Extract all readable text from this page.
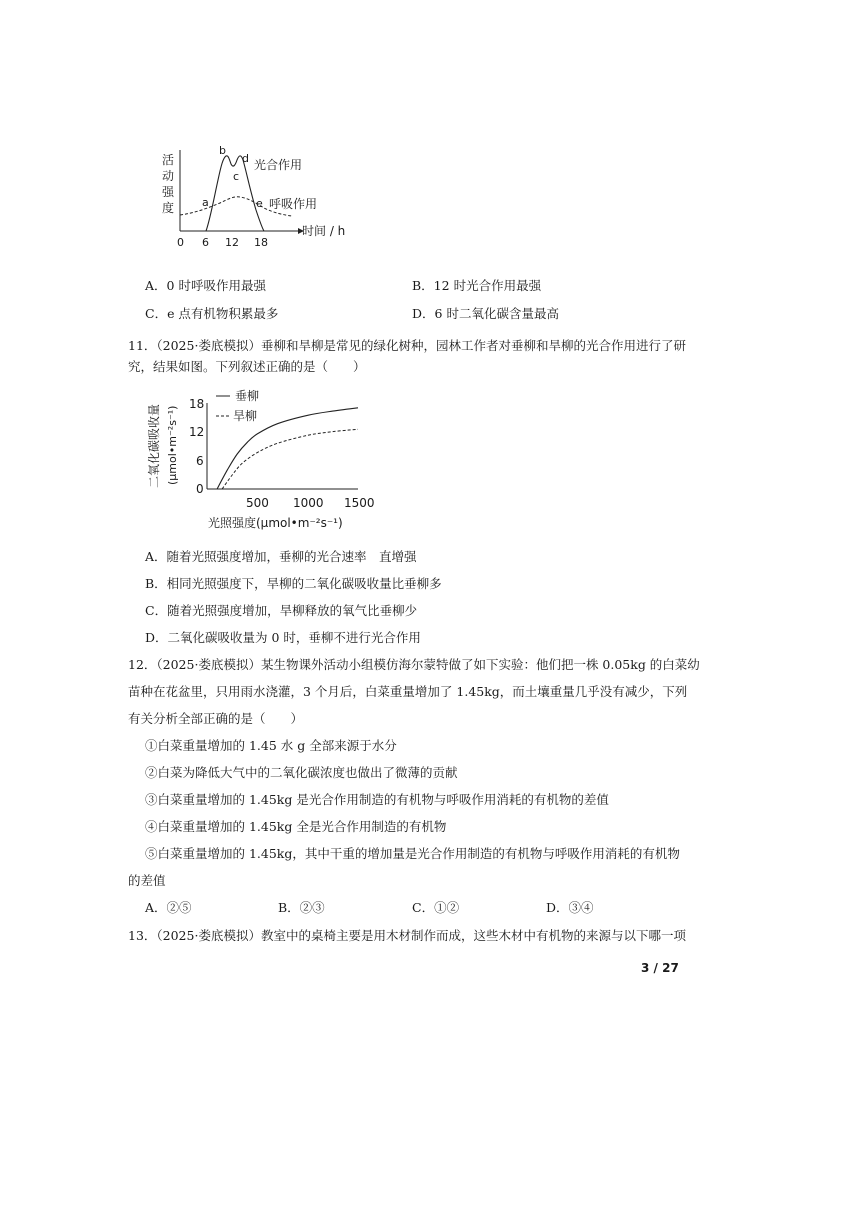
活
动
强
度	a
b
c
d
e
光合作用
呼吸作用
0 6 12 18
时间 / h
A．0 时呼吸作用最强	B．12 时光合作用最强
C．e 点有机物积累最多	D．6 时二氧化碳含量最高
11．（2025·娄底模拟）垂柳和旱柳是常见的绿化树种，园林工作者对垂柳和旱柳的光合作用进行了研
究，结果如图。下列叙述正确的是（　　）
二氧化碳吸收量 (μmol•m⁻²s⁻¹)
0
6
12
18
500 1000 1500
垂柳
旱柳
光照强度(μmol•m⁻²s⁻¹)
A．随着光照强度增加，垂柳的光合速率　直增强
B．相同光照强度下，旱柳的二氧化碳吸收量比垂柳多
C．随着光照强度增加，旱柳释放的氧气比垂柳少
D．二氧化碳吸收量为 0 时，垂柳不进行光合作用
12．（2025·娄底模拟）某生物课外活动小组模仿海尔蒙特做了如下实验：他们把一株 0.05kg 的白菜幼
苗种在花盆里，只用雨水浇灌，3 个月后，白菜重量增加了 1.45kg，而土壤重量几乎没有减少，下列
有关分析全部正确的是（　　）
①白菜重量增加的 1.45 水 g 全部来源于水分
②白菜为降低大气中的二氧化碳浓度也做出了微薄的贡献
③白菜重量增加的 1.45kg 是光合作用制造的有机物与呼吸作用消耗的有机物的差值
④白菜重量增加的 1.45kg 全是光合作用制造的有机物
⑤白菜重量增加的 1.45kg，其中干重的增加量是光合作用制造的有机物与呼吸作用消耗的有机物
的差值
A．②⑤	B．②③	C．①②	D．③④
13．（2025·娄底模拟）教室中的桌椅主要是用木材制作而成，这些木材中有机物的来源与以下哪一项
3 / 27
